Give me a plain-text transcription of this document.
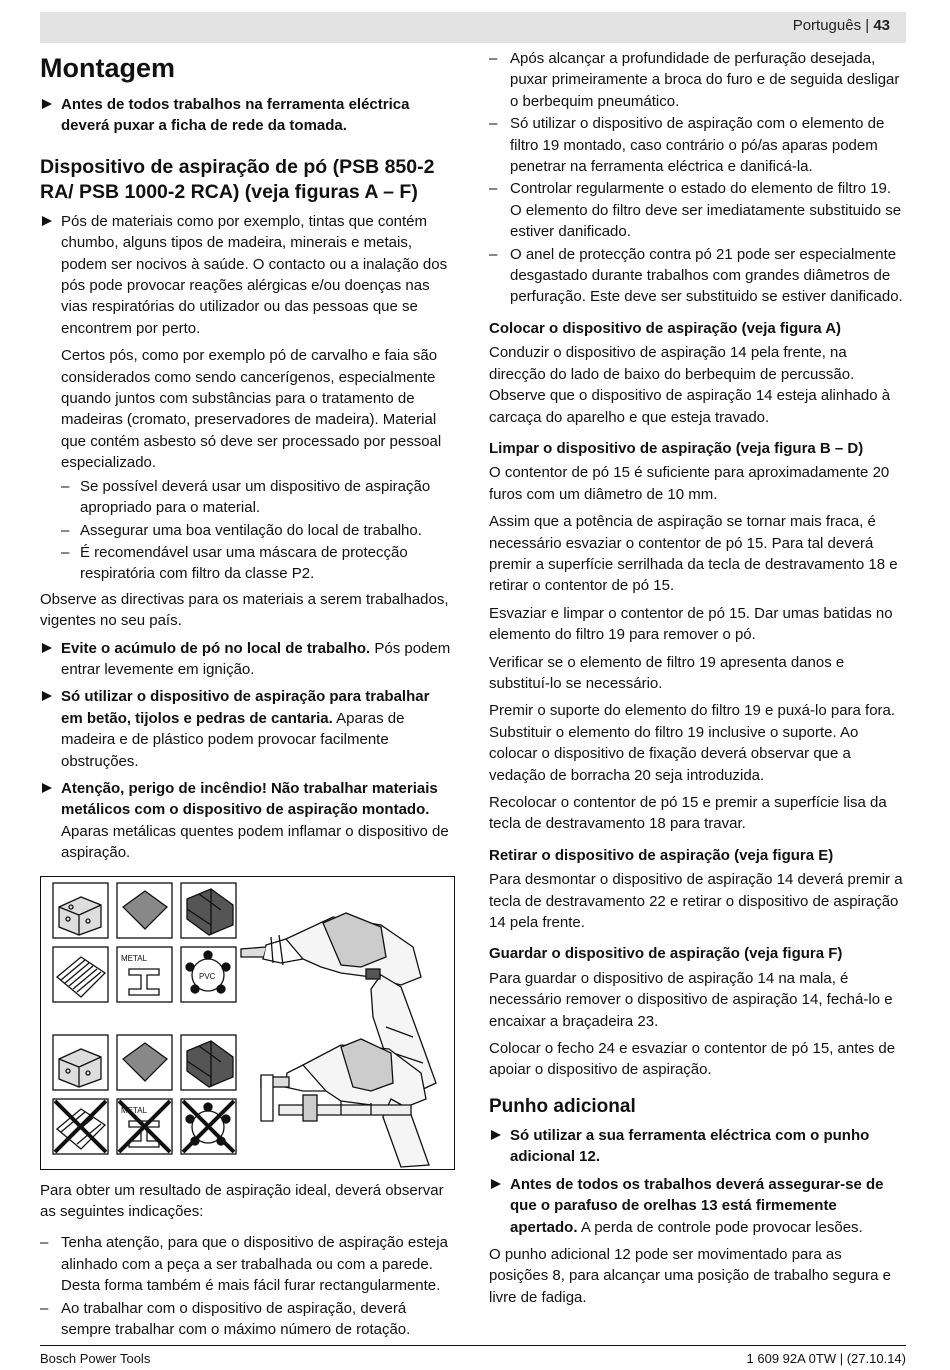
Português | 43
Montagem
Antes de todos trabalhos na ferramenta eléctrica deverá puxar a ficha de rede da tomada.
Dispositivo de aspiração de pó (PSB 850-2 RA/ PSB 1000-2 RCA) (veja figuras A – F)
Pós de materiais como por exemplo, tintas que contém chumbo, alguns tipos de madeira, minerais e metais, podem ser nocivos à saúde. O contacto ou a inalação dos pós pode provocar reações alérgicas e/ou doenças nas vias respiratórias do utilizador ou das pessoas que se encontrem por perto.
Certos pós, como por exemplo pó de carvalho e faia são considerados como sendo cancerígenos, especialmente quando juntos com substâncias para o tratamento de madeiras (cromato, preservadores de madeira). Material que contém asbesto só deve ser processado por pessoal especializado.
– Se possível deverá usar um dispositivo de aspiração apropriado para o material.
– Assegurar uma boa ventilação do local de trabalho.
– É recomendável usar uma máscara de protecção respiratória com filtro da classe P2.

Observe as directivas para os materiais a serem trabalhados, vigentes no seu país.

Evite o acúmulo de pó no local de trabalho. Pós podem entrar levemente em ignição.
Só utilizar o dispositivo de aspiração para trabalhar em betão, tijolos e pedras de cantaria. Aparas de madeira e de plástico podem provocar facilmente obstruções.
Atenção, perigo de incêndio! Não trabalhar materiais metálicos com o dispositivo de aspiração montado. Aparas metálicas quentes podem inflamar o dispositivo de aspiração.
METAL
PVC
METAL

Para obter um resultado de aspiração ideal, deverá observar as seguintes indicações:

– Tenha atenção, para que o dispositivo de aspiração esteja alinhado com a peça a ser trabalhada ou com a parede. Desta forma também é mais fácil furar rectangularmente.
– Ao trabalhar com o dispositivo de aspiração, deverá sempre trabalhar com o máximo número de rotação.
– Após alcançar a profundidade de perfuração desejada, puxar primeiramente a broca do furo e de seguida desligar o berbequim pneumático.
– Só utilizar o dispositivo de aspiração com o elemento de filtro 19 montado, caso contrário o pó/as aparas podem penetrar na ferramenta eléctrica e danificá-la.
– Controlar regularmente o estado do elemento de filtro 19. O elemento do filtro deve ser imediatamente substituido se estiver danificado.
– O anel de protecção contra pó 21 pode ser especialmente desgastado durante trabalhos com grandes diâmetros de perfuração. Este deve ser substituido se estiver danificado.
Colocar o dispositivo de aspiração (veja figura A)

Conduzir o dispositivo de aspiração 14 pela frente, na direcção do lado de baixo do berbequim de percussão. Observe que o dispositivo de aspiração 14 esteja alinhado à carcaça do aparelho e que esteja travado.

Limpar o dispositivo de aspiração (veja figura B – D)

O contentor de pó 15 é suficiente para aproximadamente 20 furos com um diâmetro de 10 mm.

Assim que a potência de aspiração se tornar mais fraca, é necessário esvaziar o contentor de pó 15. Para tal deverá premir a superfície serrilhada da tecla de destravamento 18 e retirar o contentor de pó 15.

Esvaziar e limpar o contentor de pó 15. Dar umas batidas no elemento do filtro 19 para remover o pó.

Verificar se o elemento de filtro 19 apresenta danos e substituí-lo se necessário.

Premir o suporte do elemento do filtro 19 e puxá-lo para fora. Substituir o elemento do filtro 19 inclusive o suporte. Ao colocar o dispositivo de fixação deverá observar que a vedação de borracha 20 seja introduzida.

Recolocar o contentor de pó 15 e premir a superfície lisa da tecla de destravamento 18 para travar.

Retirar o dispositivo de aspiração (veja figura E)

Para desmontar o dispositivo de aspiração 14 deverá premir a tecla de destravamento 22 e retirar o dispositivo de aspiração 14 pela frente.

Guardar o dispositivo de aspiração (veja figura F)

Para guardar o dispositivo de aspiração 14 na mala, é necessário remover o dispositivo de aspiração 14, fechá-lo e encaixar a braçadeira 23.

Colocar o fecho 24 e esvaziar o contentor de pó 15, antes de apoiar o dispositivo de aspiração.

Punho adicional
Só utilizar a sua ferramenta eléctrica com o punho adicional 12.
Antes de todos os trabalhos deverá assegurar-se de que o parafuso de orelhas 13 está firmemente apertado. A perda de controle pode provocar lesões.

O punho adicional 12 pode ser movimentado para as posições 8, para alcançar uma posição de trabalho segura e livre de fadiga.

Bosch Power Tools	1 609 92A 0TW | (27.10.14)
